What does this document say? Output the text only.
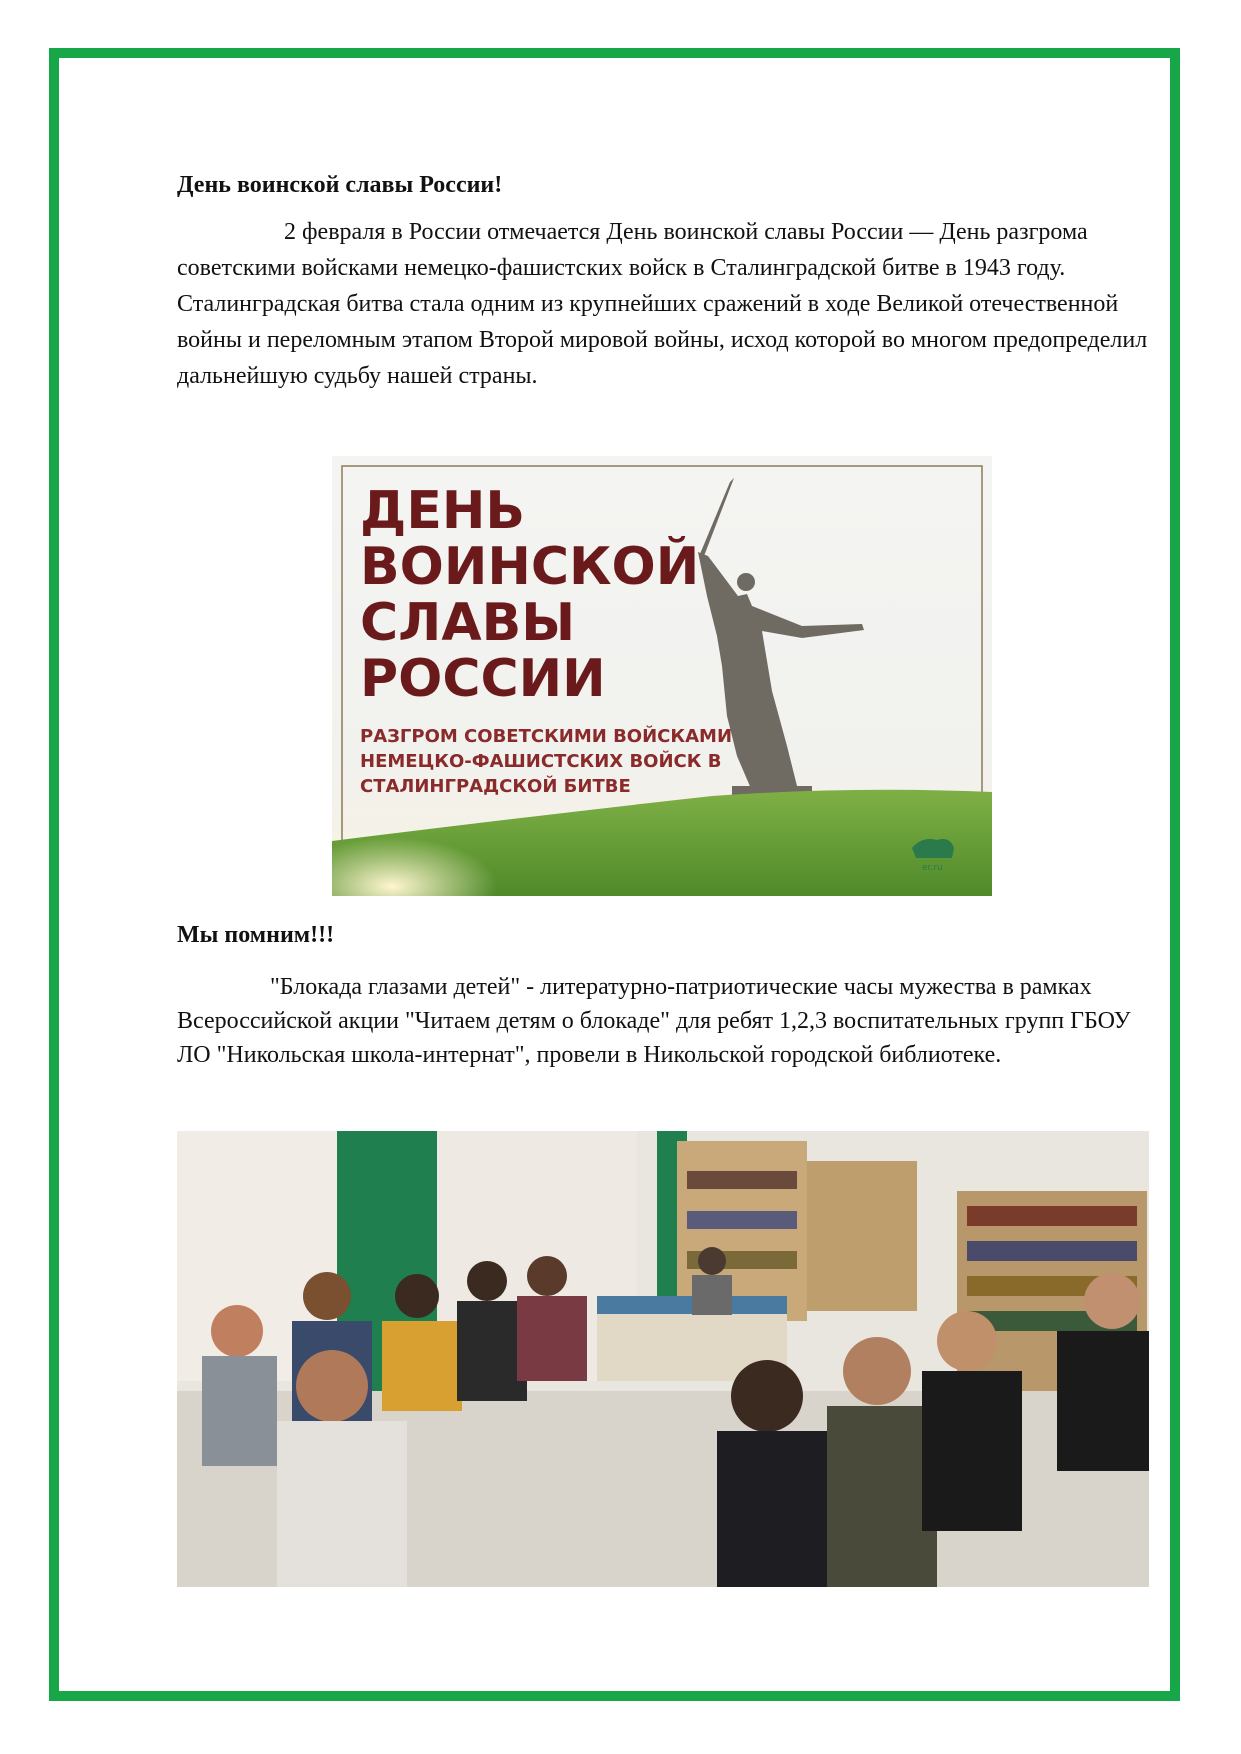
День воинской славы России!

2 февраля в России отмечается День воинской славы России — День разгрома советскими войсками немецко-фашистских войск в Сталинградской битве в 1943 году. Сталинградская битва стала одним из крупнейших сражений в ходе Великой отечественной войны и переломным этапом Второй мировой войны, исход которой во многом предопределил дальнейшую судьбу нашей страны.

ДЕНЬ
ВОИНСКОЙ
СЛАВЫ
РОССИИ
РАЗГРОМ СОВЕТСКИМИ ВОЙСКАМИ
НЕМЕЦКО-ФАШИСТСКИХ ВОЙСК В
СТАЛИНГРАДСКОЙ БИТВЕ
er.ru
Мы помним!!!

"Блокада глазами детей" - литературно-патриотические часы мужества в рамках Всероссийской акции "Читаем детям о блокаде" для ребят 1,2,3 воспитательных групп ГБОУ ЛО "Никольская школа-интернат", провели в Никольской городской библиотеке.
